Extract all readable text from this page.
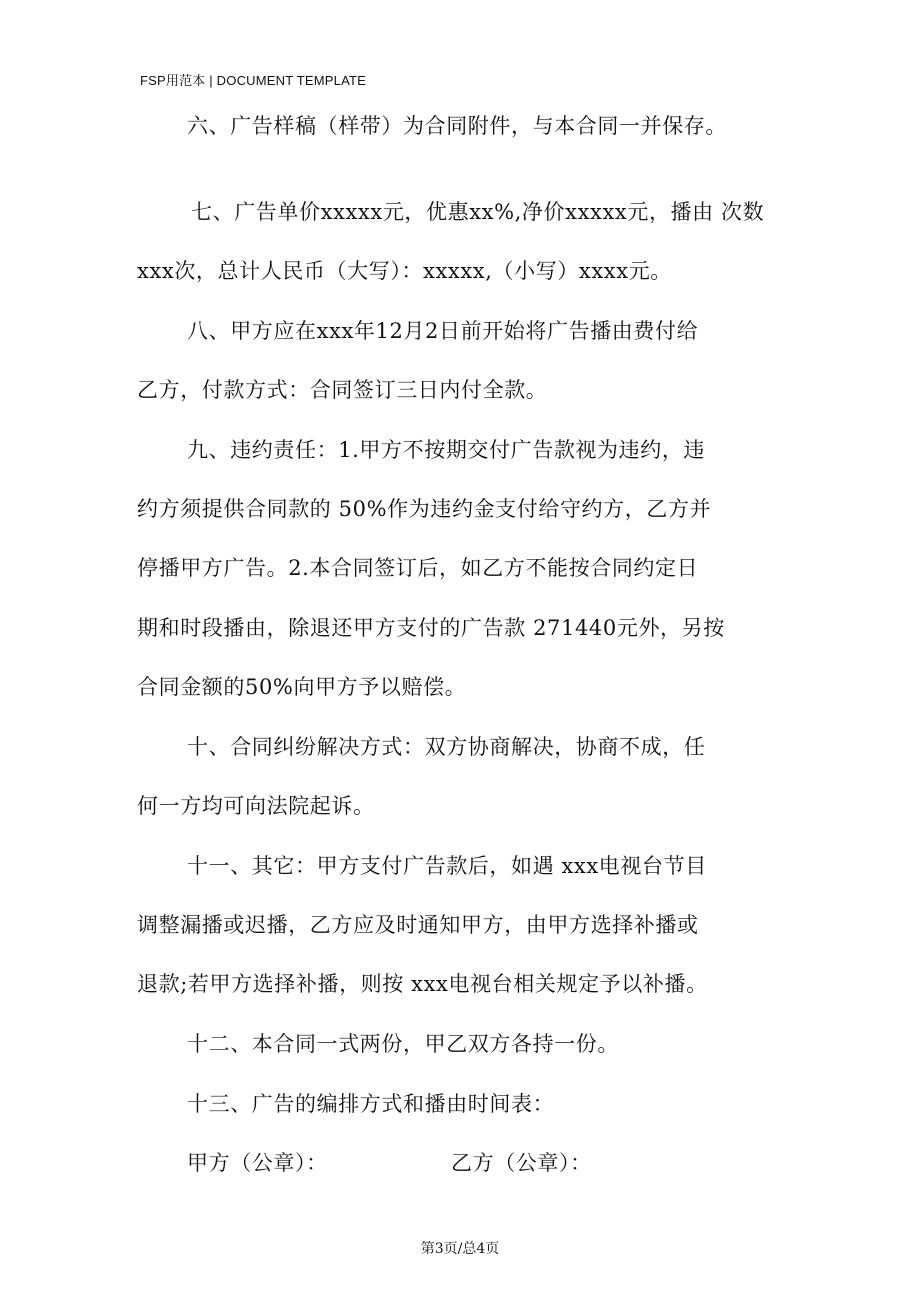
FSP用范本 | DOCUMENT TEMPLATE
六、广告样稿（样带）为合同附件，与本合同一并保存。
七、广告单价xxxxx元，优惠xx%,净价xxxxx元，播由 次数
xxx次，总计人民币（大写）：xxxxx,（小写）xxxx元。
八、甲方应在xxx年12月2日前开始将广告播由费付给
乙方，付款方式：合同签订三日内付全款。
九、违约责任：1.甲方不按期交付广告款视为违约，违
约方须提供合同款的 50%作为违约金支付给守约方，乙方并
停播甲方广告。2.本合同签订后，如乙方不能按合同约定日
期和时段播由，除退还甲方支付的广告款 271440元外，另按
合同金额的50%向甲方予以赔偿。
十、合同纠纷解决方式：双方协商解决，协商不成，任
何一方均可向法院起诉。
十一、其它：甲方支付广告款后，如遇 xxx电视台节目
调整漏播或迟播，乙方应及时通知甲方，由甲方选择补播或
退款;若甲方选择补播，则按 xxx电视台相关规定予以补播。
十二、本合同一式两份，甲乙双方各持一份。
十三、广告的编排方式和播由时间表：
甲方（公章）：	乙方（公章）：
第3页/总4页
